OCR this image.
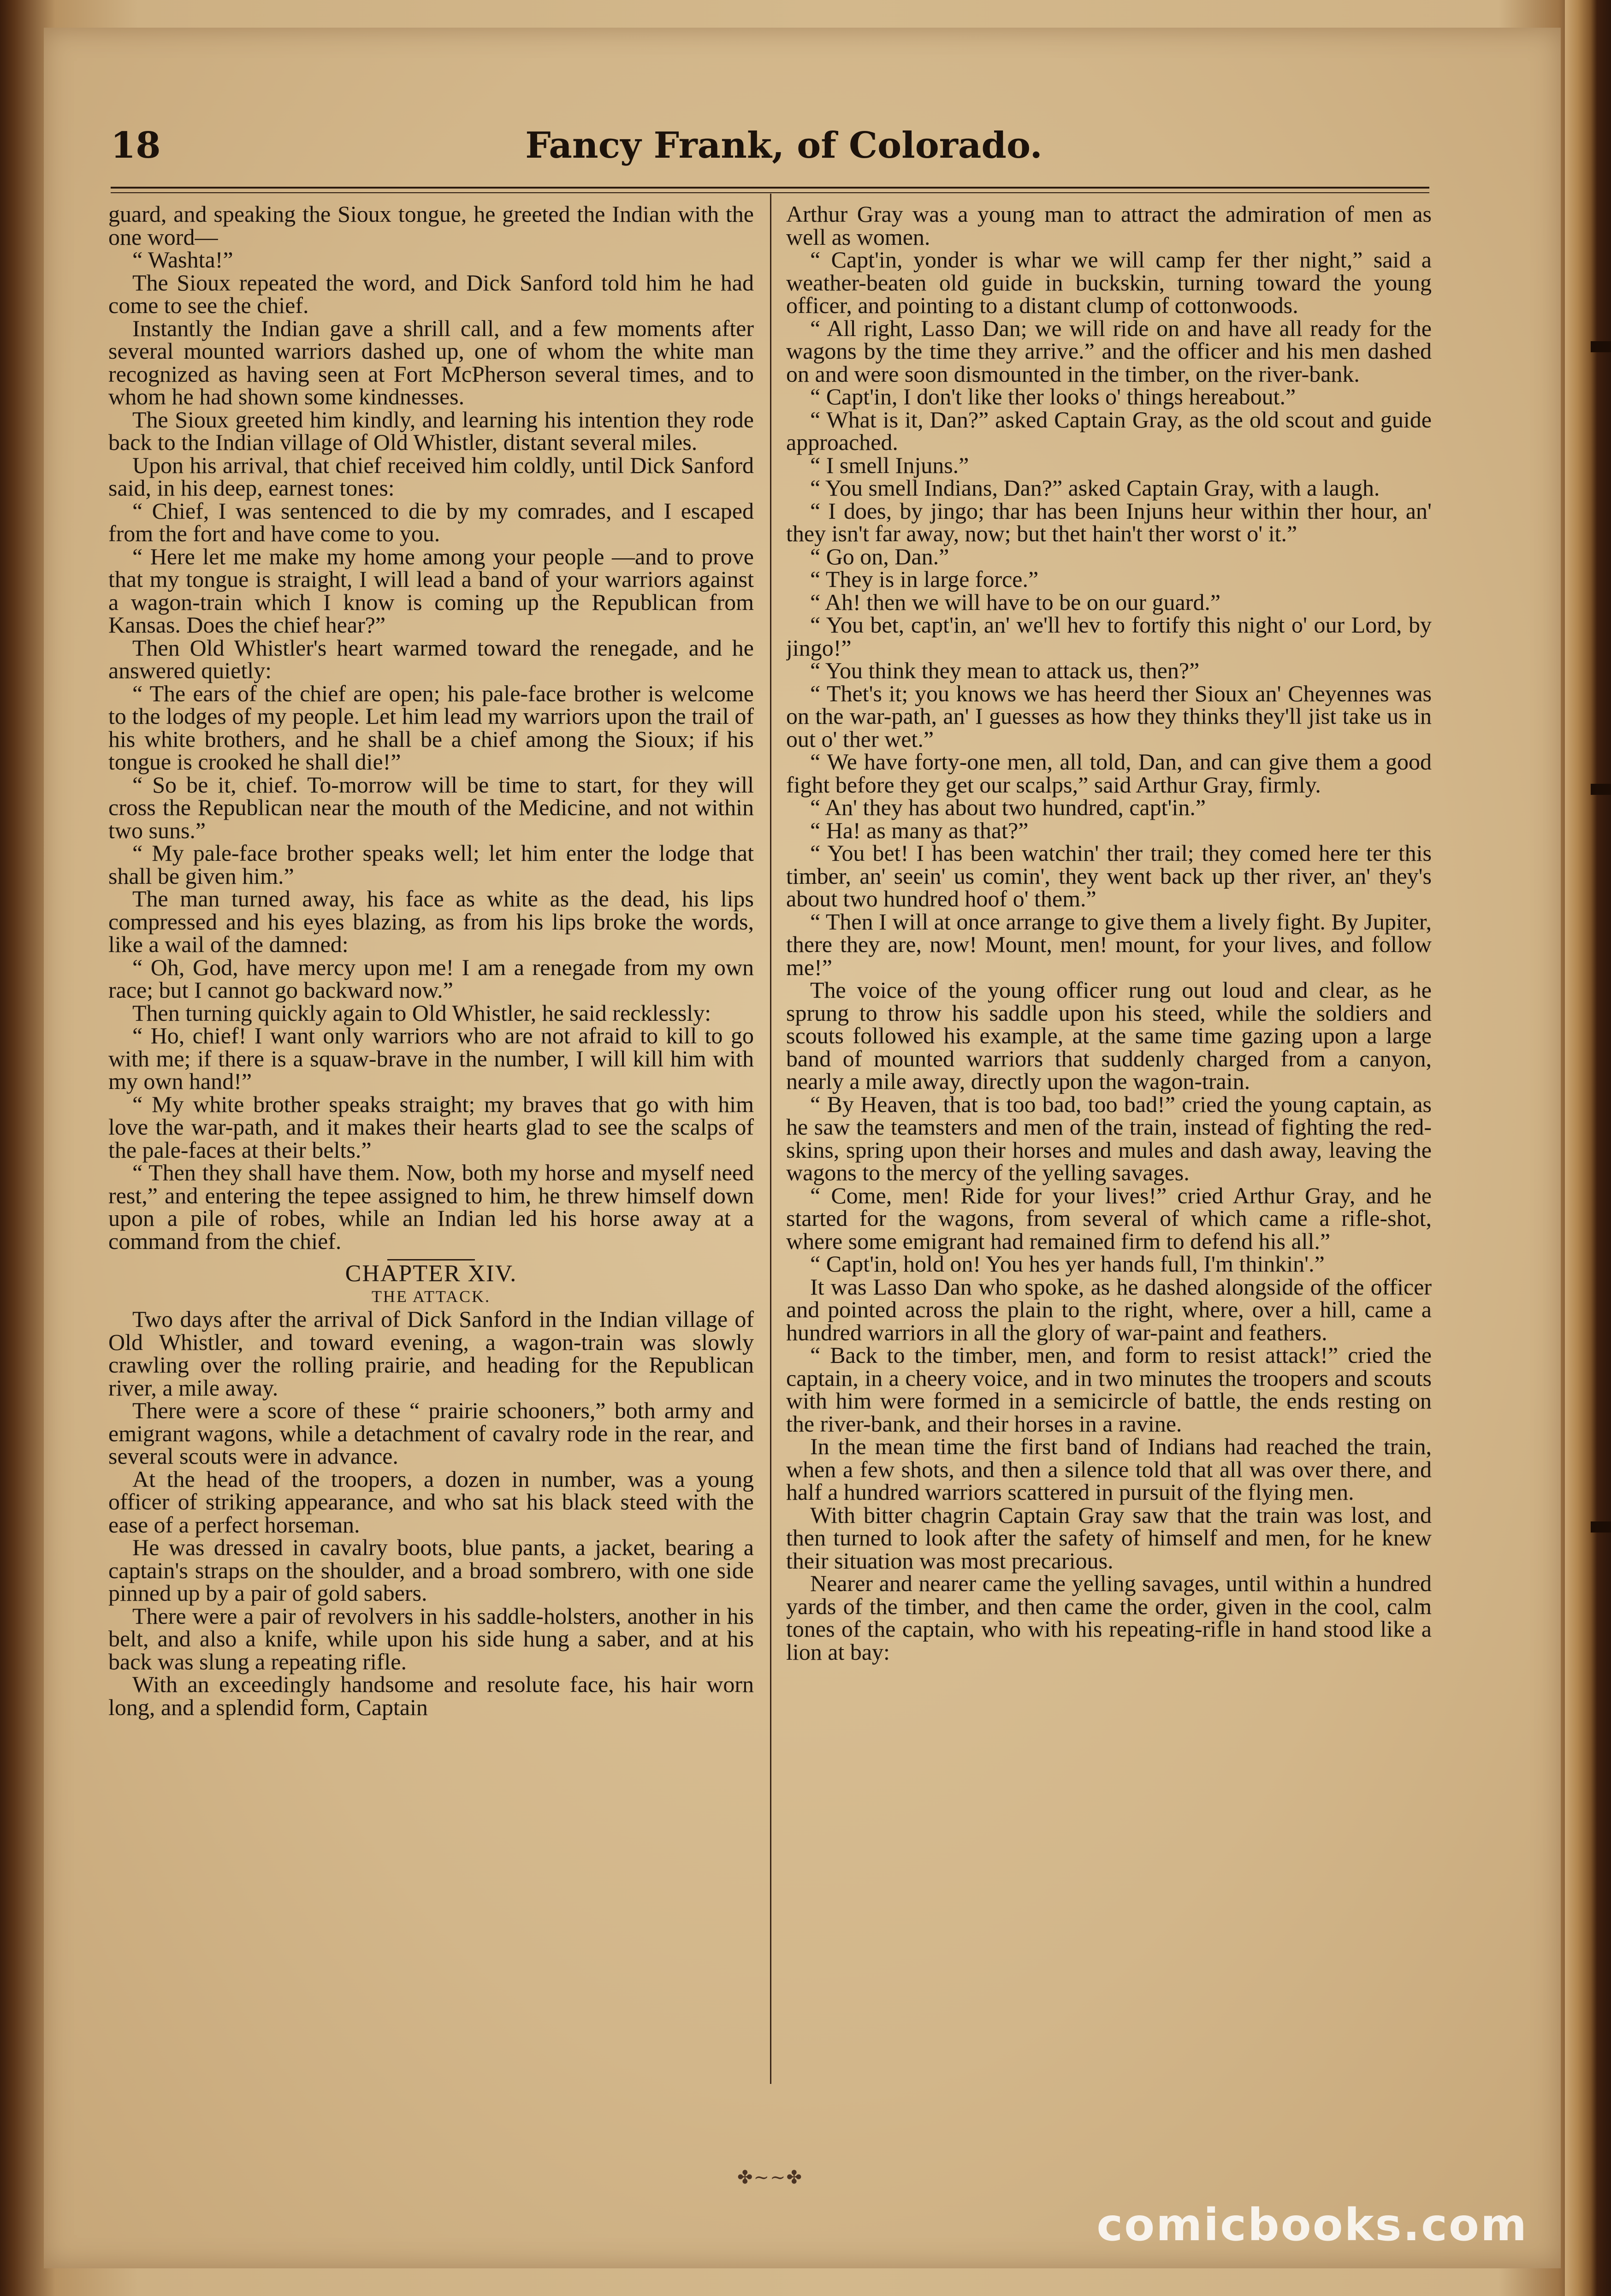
18	Fancy Frank, of Colorado.

guard, and speaking the Sioux tongue, he greeted the Indian with the one word—

“ Washta!”

The Sioux repeated the word, and Dick Sanford told him he had come to see the chief.

Instantly the Indian gave a shrill call, and a few moments after several mounted warriors dashed up, one of whom the white man recognized as having seen at Fort McPherson several times, and to whom he had shown some kindnesses.

The Sioux greeted him kindly, and learning his intention they rode back to the Indian village of Old Whistler, distant several miles.

Upon his arrival, that chief received him coldly, until Dick Sanford said, in his deep, earnest tones:

“ Chief, I was sentenced to die by my comrades, and I escaped from the fort and have come to you.

“ Here let me make my home among your people —and to prove that my tongue is straight, I will lead a band of your warriors against a wagon-train which I know is coming up the Republican from Kansas. Does the chief hear?”

Then Old Whistler's heart warmed toward the renegade, and he answered quietly:

“ The ears of the chief are open; his pale-face brother is welcome to the lodges of my people. Let him lead my warriors upon the trail of his white brothers, and he shall be a chief among the Sioux; if his tongue is crooked he shall die!”

“ So be it, chief. To-morrow will be time to start, for they will cross the Republican near the mouth of the Medicine, and not within two suns.”

“ My pale-face brother speaks well; let him enter the lodge that shall be given him.”

The man turned away, his face as white as the dead, his lips compressed and his eyes blazing, as from his lips broke the words, like a wail of the damned:

“ Oh, God, have mercy upon me! I am a renegade from my own race; but I cannot go backward now.”

Then turning quickly again to Old Whistler, he said recklessly:

“ Ho, chief! I want only warriors who are not afraid to kill to go with me; if there is a squaw-brave in the number, I will kill him with my own hand!”

“ My white brother speaks straight; my braves that go with him love the war-path, and it makes their hearts glad to see the scalps of the pale-faces at their belts.”

“ Then they shall have them. Now, both my horse and myself need rest,” and entering the tepee assigned to him, he threw himself down upon a pile of robes, while an Indian led his horse away at a command from the chief.

CHAPTER XIV.

THE ATTACK.

Two days after the arrival of Dick Sanford in the Indian village of Old Whistler, and toward evening, a wagon-train was slowly crawling over the rolling prairie, and heading for the Republican river, a mile away.

There were a score of these “ prairie schooners,” both army and emigrant wagons, while a detachment of cavalry rode in the rear, and several scouts were in advance.

At the head of the troopers, a dozen in number, was a young officer of striking appearance, and who sat his black steed with the ease of a perfect horseman.

He was dressed in cavalry boots, blue pants, a jacket, bearing a captain's straps on the shoulder, and a broad sombrero, with one side pinned up by a pair of gold sabers.

There were a pair of revolvers in his saddle-holsters, another in his belt, and also a knife, while upon his side hung a saber, and at his back was slung a repeating rifle.

With an exceedingly handsome and resolute face, his hair worn long, and a splendid form, Captain

Arthur Gray was a young man to attract the admiration of men as well as women.

“ Capt'in, yonder is whar we will camp fer ther night,” said a weather-beaten old guide in buckskin, turning toward the young officer, and pointing to a distant clump of cottonwoods.

“ All right, Lasso Dan; we will ride on and have all ready for the wagons by the time they arrive.” and the officer and his men dashed on and were soon dismounted in the timber, on the river-bank.

“ Capt'in, I don't like ther looks o' things hereabout.”

“ What is it, Dan?” asked Captain Gray, as the old scout and guide approached.

“ I smell Injuns.”

“ You smell Indians, Dan?” asked Captain Gray, with a laugh.

“ I does, by jingo; thar has been Injuns heur within ther hour, an' they isn't far away, now; but thet hain't ther worst o' it.”

“ Go on, Dan.”

“ They is in large force.”

“ Ah! then we will have to be on our guard.”

“ You bet, capt'in, an' we'll hev to fortify this night o' our Lord, by jingo!”

“ You think they mean to attack us, then?”

“ Thet's it; you knows we has heerd ther Sioux an' Cheyennes was on the war-path, an' I guesses as how they thinks they'll jist take us in out o' ther wet.”

“ We have forty-one men, all told, Dan, and can give them a good fight before they get our scalps,” said Arthur Gray, firmly.

“ An' they has about two hundred, capt'in.”

“ Ha! as many as that?”

“ You bet! I has been watchin' ther trail; they comed here ter this timber, an' seein' us comin', they went back up ther river, an' they's about two hundred hoof o' them.”

“ Then I will at once arrange to give them a lively fight. By Jupiter, there they are, now! Mount, men! mount, for your lives, and follow me!”

The voice of the young officer rung out loud and clear, as he sprung to throw his saddle upon his steed, while the soldiers and scouts followed his example, at the same time gazing upon a large band of mounted warriors that suddenly charged from a canyon, nearly a mile away, directly upon the wagon-train.

“ By Heaven, that is too bad, too bad!” cried the young captain, as he saw the teamsters and men of the train, instead of fighting the red-skins, spring upon their horses and mules and dash away, leaving the wagons to the mercy of the yelling savages.

“ Come, men! Ride for your lives!” cried Arthur Gray, and he started for the wagons, from several of which came a rifle-shot, where some emigrant had remained firm to defend his all.”

“ Capt'in, hold on! You hes yer hands full, I'm thinkin'.”

It was Lasso Dan who spoke, as he dashed alongside of the officer and pointed across the plain to the right, where, over a hill, came a hundred warriors in all the glory of war-paint and feathers.

“ Back to the timber, men, and form to resist attack!” cried the captain, in a cheery voice, and in two minutes the troopers and scouts with him were formed in a semicircle of battle, the ends resting on the river-bank, and their horses in a ravine.

In the mean time the first band of Indians had reached the train, when a few shots, and then a silence told that all was over there, and half a hundred warriors scattered in pursuit of the flying men.

With bitter chagrin Captain Gray saw that the train was lost, and then turned to look after the safety of himself and men, for he knew their situation was most precarious.

Nearer and nearer came the yelling savages, until within a hundred yards of the timber, and then came the order, given in the cool, calm tones of the captain, who with his repeating-rifle in hand stood like a lion at bay:

✤~~✤
comicbooks.com
